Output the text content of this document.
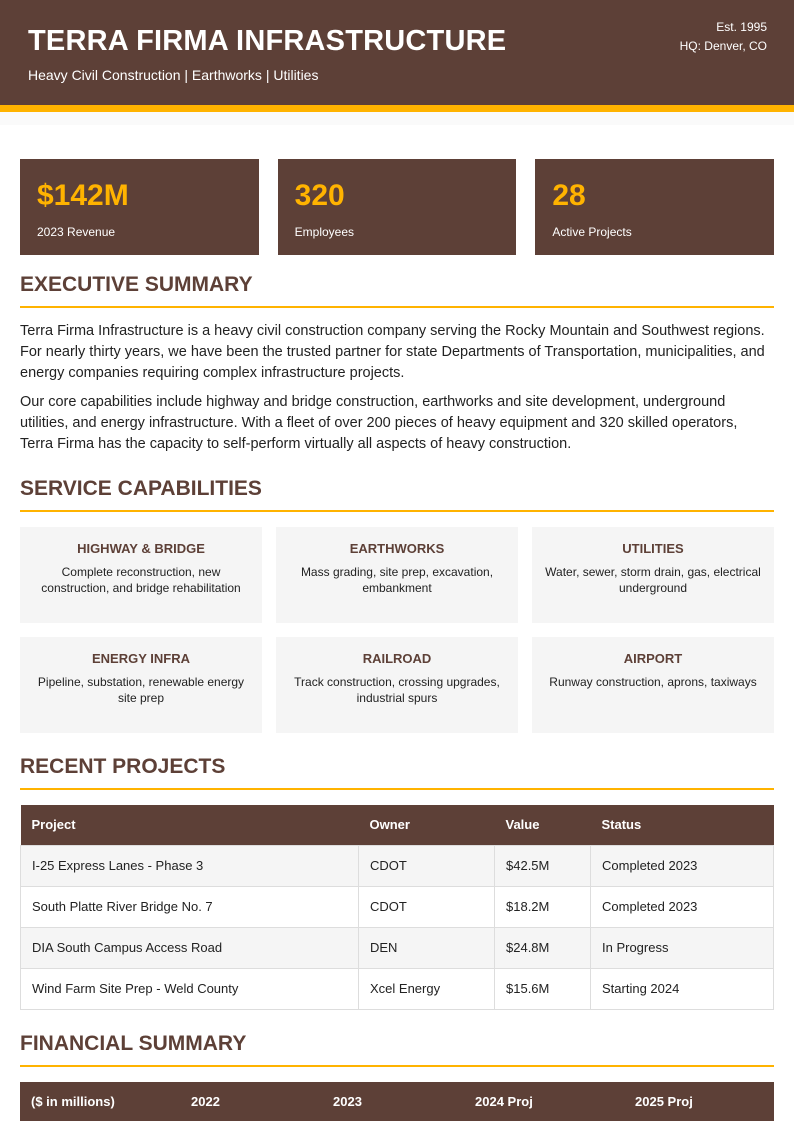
TERRA FIRMA INFRASTRUCTURE
Heavy Civil Construction | Earthworks | Utilities
Est. 1995
HQ: Denver, CO
$142M
2023 Revenue
320
Employees
28
Active Projects
EXECUTIVE SUMMARY

Terra Firma Infrastructure is a heavy civil construction company serving the Rocky Mountain and Southwest regions. For nearly thirty years, we have been the trusted partner for state Departments of Transportation, municipalities, and energy companies requiring complex infrastructure projects.

Our core capabilities include highway and bridge construction, earthworks and site development, underground utilities, and energy infrastructure. With a fleet of over 200 pieces of heavy equipment and 320 skilled operators, Terra Firma has the capacity to self-perform virtually all aspects of heavy construction.

SERVICE CAPABILITIES
HIGHWAY & BRIDGE
Complete reconstruction, new construction, and bridge rehabilitation
EARTHWORKS
Mass grading, site prep, excavation, embankment
UTILITIES
Water, sewer, storm drain, gas, electrical underground
ENERGY INFRA
Pipeline, substation, renewable energy site prep
RAILROAD
Track construction, crossing upgrades, industrial spurs
AIRPORT
Runway construction, aprons, taxiways
RECENT PROJECTS
Project	Owner	Value	Status
I-25 Express Lanes - Phase 3	CDOT	$42.5M	Completed 2023
South Platte River Bridge No. 7	CDOT	$18.2M	Completed 2023
DIA South Campus Access Road	DEN	$24.8M	In Progress
Wind Farm Site Prep - Weld County	Xcel Energy	$15.6M	Starting 2024
FINANCIAL SUMMARY
($ in millions)	2022	2023	2024 Proj	2025 Proj
